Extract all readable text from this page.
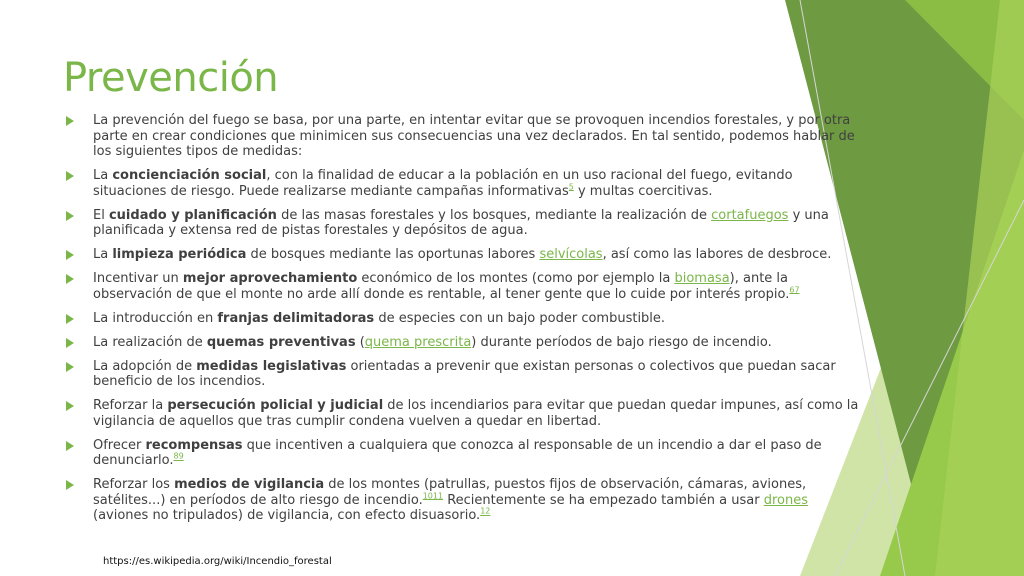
Prevención
La prevención del fuego se basa, por una parte, en intentar evitar que se provoquen incendios forestales, y por otra parte en crear condiciones que minimicen sus consecuencias una vez declarados. En tal sentido, podemos hablar de los siguientes tipos de medidas:
La concienciación social, con la finalidad de educar a la población en un uso racional del fuego, evitando situaciones de riesgo. Puede realizarse mediante campañas informativas$^5$ y multas coercitivas.
El cuidado y planificación de las masas forestales y los bosques, mediante la realización de cortafuegos y una planificada y extensa red de pistas forestales y depósitos de agua.
La limpieza periódica de bosques mediante las oportunas labores selvícolas, así como las labores de desbroce.
Incentivar un mejor aprovechamiento económico de los montes (como por ejemplo la biomasa), ante la observación de que el monte no arde allí donde es rentable, al tener gente que lo cuide por interés propio.$^{67}$
La introducción en franjas delimitadoras de especies con un bajo poder combustible.
La realización de quemas preventivas (quema prescrita) durante períodos de bajo riesgo de incendio.
La adopción de medidas legislativas orientadas a prevenir que existan personas o colectivos que puedan sacar beneficio de los incendios.
Reforzar la persecución policial y judicial de los incendiarios para evitar que puedan quedar impunes, así como la vigilancia de aquellos que tras cumplir condena vuelven a quedar en libertad.
Ofrecer recompensas que incentiven a cualquiera que conozca al responsable de un incendio a dar el paso de denunciarlo.$^{89}$
Reforzar los medios de vigilancia de los montes (patrullas, puestos fijos de observación, cámaras, aviones, satélites...) en períodos de alto riesgo de incendio.$^{1011}$ Recientemente se ha empezado también a usar drones (aviones no tripulados) de vigilancia, con efecto disuasorio.$^{12}$
https://es.wikipedia.org/wiki/Incendio_forestal
